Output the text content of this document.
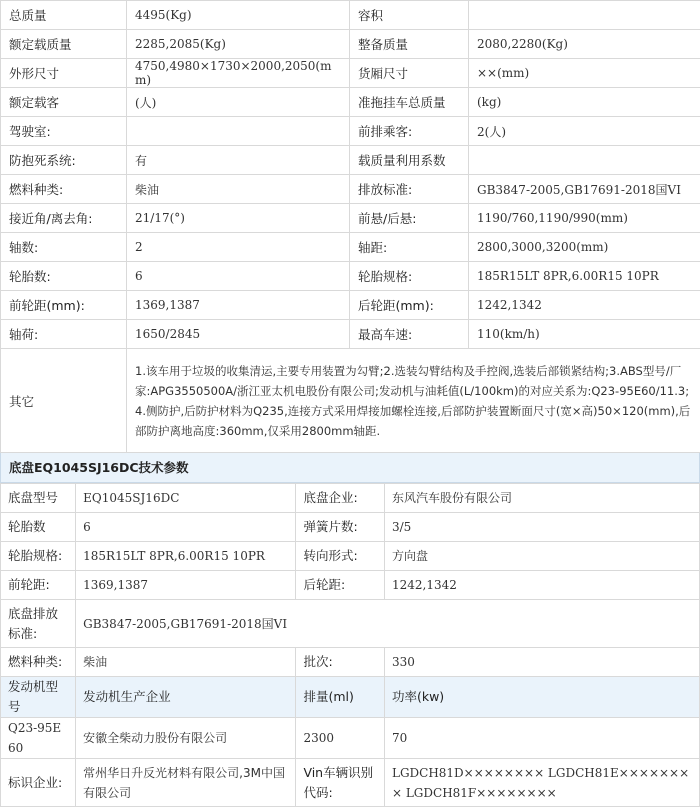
总质量	4495(Kg)	容积	
额定载质量	2285,2085(Kg)	整备质量	2080,2280(Kg)
外形尺寸	4750,4980×1730×2000,2050(mm)	货厢尺寸	××(mm)
额定载客	(人)	准拖挂车总质量	(kg)
驾驶室:		前排乘客:	2(人)
防抱死系统:	有	载质量利用系数	
燃料种类:	柴油	排放标准:	GB3847-2005,GB17691-2018国VI
接近角/离去角:	21/17(°)	前悬/后悬:	1190/760,1190/990(mm)
轴数:	2	轴距:	2800,3000,3200(mm)
轮胎数:	6	轮胎规格:	185R15LT 8PR,6.00R15 10PR
前轮距(mm):	1369,1387	后轮距(mm):	1242,1342
轴荷:	1650/2845	最高车速:	110(km/h)
其它	1.该车用于垃圾的收集清运,主要专用装置为勾臂;2.选装勾臂结构及手控阀,选装后部锁紧结构;3.ABS型号/厂家:APG3550500A/浙江亚太机电股份有限公司;发动机与油耗值(L/100km)的对应关系为:Q23-95E60/11.3;4.侧防护,后防护材料为Q235,连接方式采用焊接加螺栓连接,后部防护装置断面尺寸(宽×高)50×120(mm),后部防护离地高度:360mm,仅采用2800mm轴距.		
底盘EQ1045SJ16DC技术参数
底盘型号	EQ1045SJ16DC	底盘企业:	东风汽车股份有限公司
轮胎数	6	弹簧片数:	3/5
轮胎规格:	185R15LT 8PR,6.00R15 10PR	转向形式:	方向盘
前轮距:	1369,1387	后轮距:	1242,1342
底盘排放标准:	GB3847-2005,GB17691-2018国VI		
燃料种类:	柴油	批次:	330
发动机型号	发动机生产企业	排量(ml)	功率(kw)
Q23-95E60	安徽全柴动力股份有限公司	2300	70
标识企业:	常州华日升反光材料有限公司,3M中国有限公司	Vin车辆识别代码:	LGDCH81D×××××××× LGDCH81E×××××××× LGDCH81F××××××××
